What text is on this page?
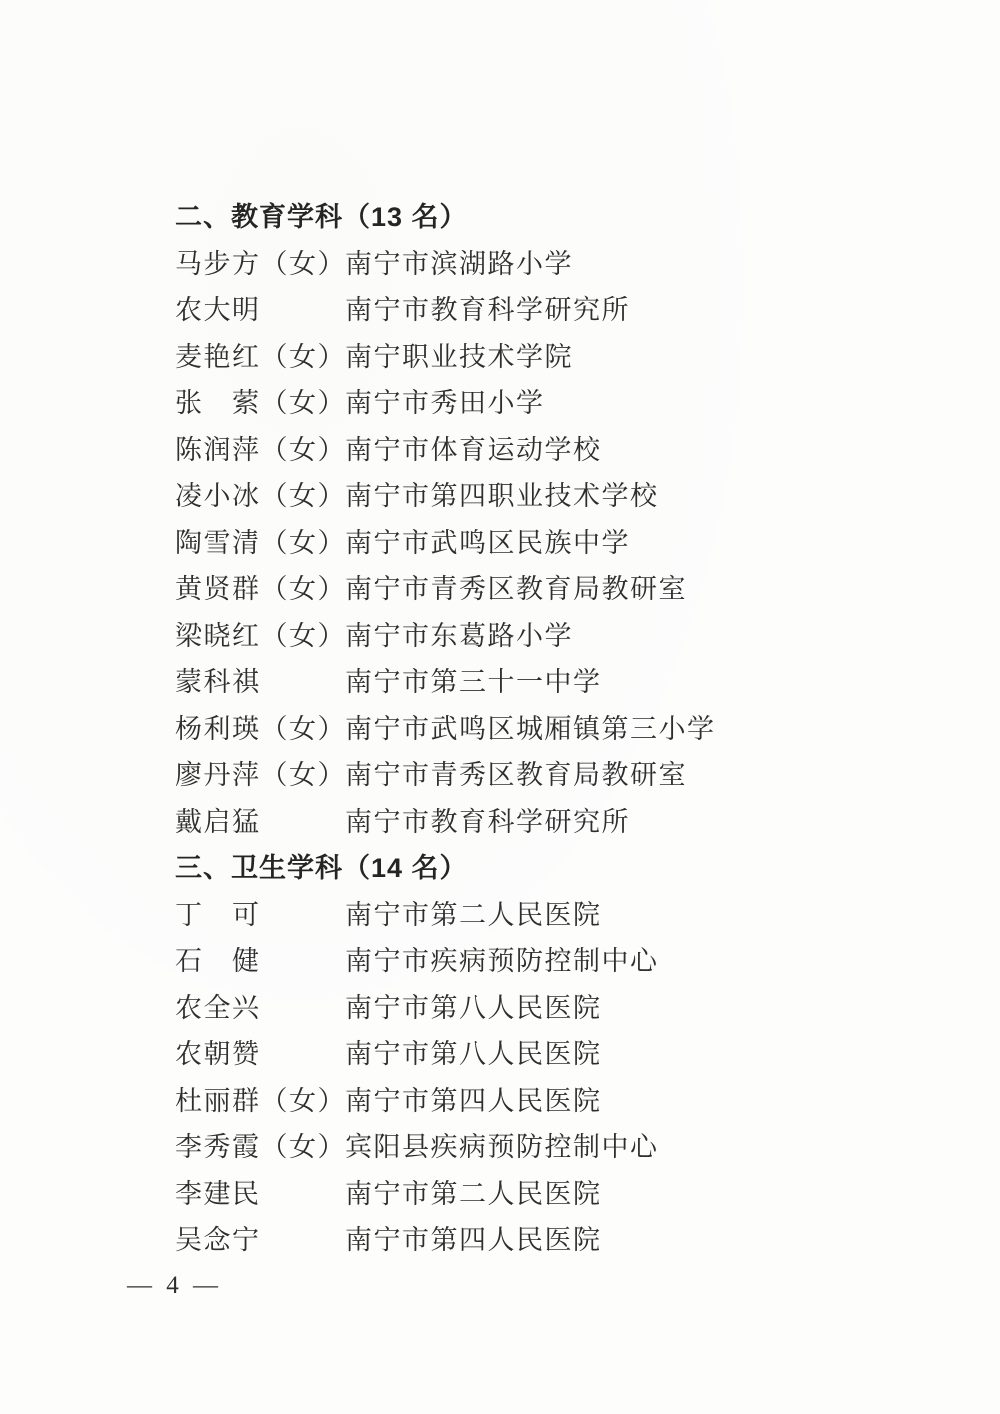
二、教育学科（13 名）
马步方（女） 南宁市滨湖路小学
农大明	南宁市教育科学研究所
麦艳红（女） 南宁职业技术学院
张　萦（女） 南宁市秀田小学
陈润萍（女） 南宁市体育运动学校
凌小冰（女） 南宁市第四职业技术学校
陶雪清（女） 南宁市武鸣区民族中学
黄贤群（女） 南宁市青秀区教育局教研室
梁晓红（女） 南宁市东葛路小学
蒙科祺	南宁市第三十一中学
杨利瑛（女） 南宁市武鸣区城厢镇第三小学
廖丹萍（女） 南宁市青秀区教育局教研室
戴启猛	南宁市教育科学研究所
三、卫生学科（14 名）
丁　可	南宁市第二人民医院
石　健	南宁市疾病预防控制中心
农全兴	南宁市第八人民医院
农朝赞	南宁市第八人民医院
杜丽群（女） 南宁市第四人民医院
李秀霞（女） 宾阳县疾病预防控制中心
李建民	南宁市第二人民医院
吴念宁	南宁市第四人民医院
— 4 —
